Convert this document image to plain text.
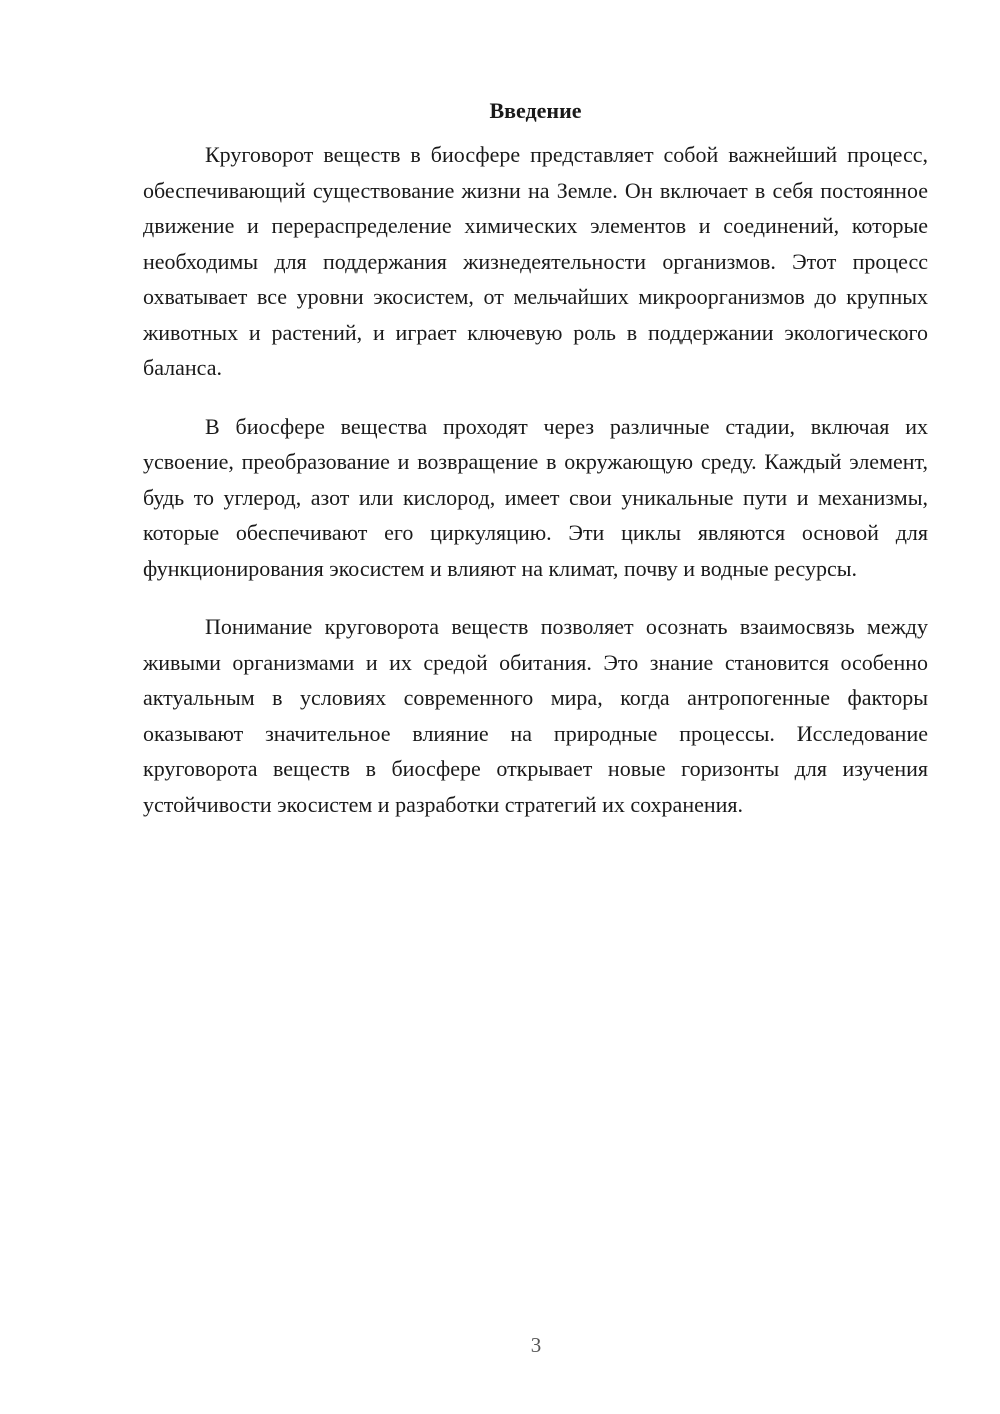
Введение

Круговорот веществ в биосфере представляет собой важнейший процесс, обеспечивающий существование жизни на Земле. Он включает в себя постоянное движение и перераспределение химических элементов и соединений, которые необходимы для поддержания жизнедеятельности организмов. Этот процесс охватывает все уровни экосистем, от мельчайших микроорганизмов до крупных животных и растений, и играет ключевую роль в поддержании экологического баланса.

В биосфере вещества проходят через различные стадии, включая их усвоение, преобразование и возвращение в окружающую среду. Каждый элемент, будь то углерод, азот или кислород, имеет свои уникальные пути и механизмы, которые обеспечивают его циркуляцию. Эти циклы являются основой для функционирования экосистем и влияют на климат, почву и водные ресурсы.

Понимание круговорота веществ позволяет осознать взаимосвязь между живыми организмами и их средой обитания. Это знание становится особенно актуальным в условиях современного мира, когда антропогенные факторы оказывают значительное влияние на природные процессы. Исследование круговорота веществ в биосфере открывает новые горизонты для изучения устойчивости экосистем и разработки стратегий их сохранения.

3
